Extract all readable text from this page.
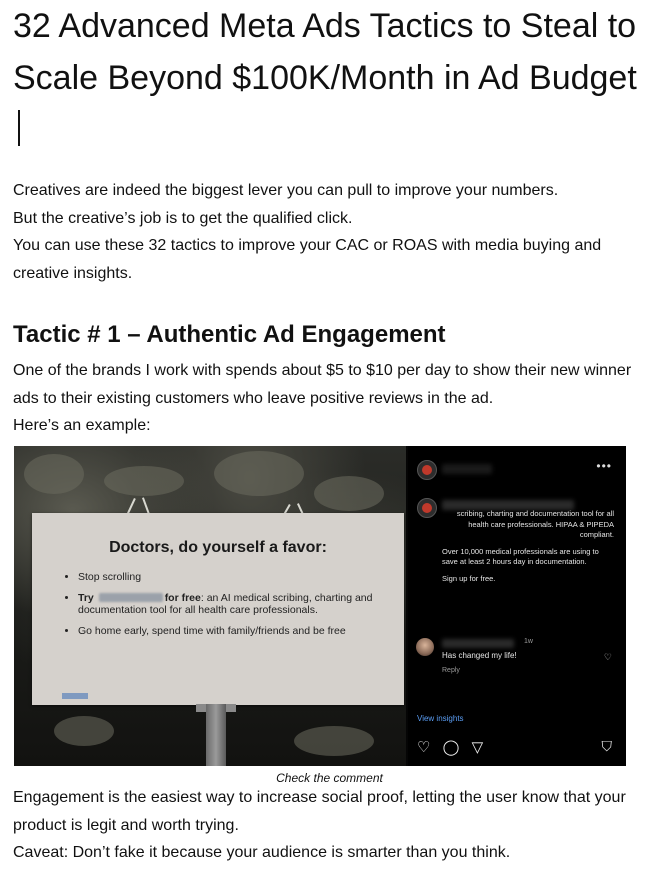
32 Advanced Meta Ads Tactics to Steal to Scale Beyond $100K/Month in Ad Budget
Creatives are indeed the biggest lever you can pull to improve your numbers.
But the creative’s job is to get the qualified click.
You can use these 32 tactics to improve your CAC or ROAS with media buying and creative insights.
Tactic # 1 – Authentic Ad Engagement
One of the brands I work with spends about $5 to $10 per day to show their new winner ads to their existing customers who leave positive reviews in the ad.
Here’s an example:
Doctors, do yourself a favor:
• Stop scrolling
• Try	for free: an AI medical scribing, charting and documentation tool for all health care professionals.
• Go home early, spend time with family/friends and be free
•••

scribing, charting and documentation tool for all health care professionals. HIPAA & PIPEDA compliant.

Over 10,000 medical professionals are using to save at least 2 hours day in documentation.

Sign up for free.

1w
Has changed my life!
Reply
♡
View insights
♡ ◯ ▽	⛉

Check the comment

Engagement is the easiest way to increase social proof, letting the user know that your product is legit and worth trying.
Caveat: Don’t fake it because your audience is smarter than you think.
